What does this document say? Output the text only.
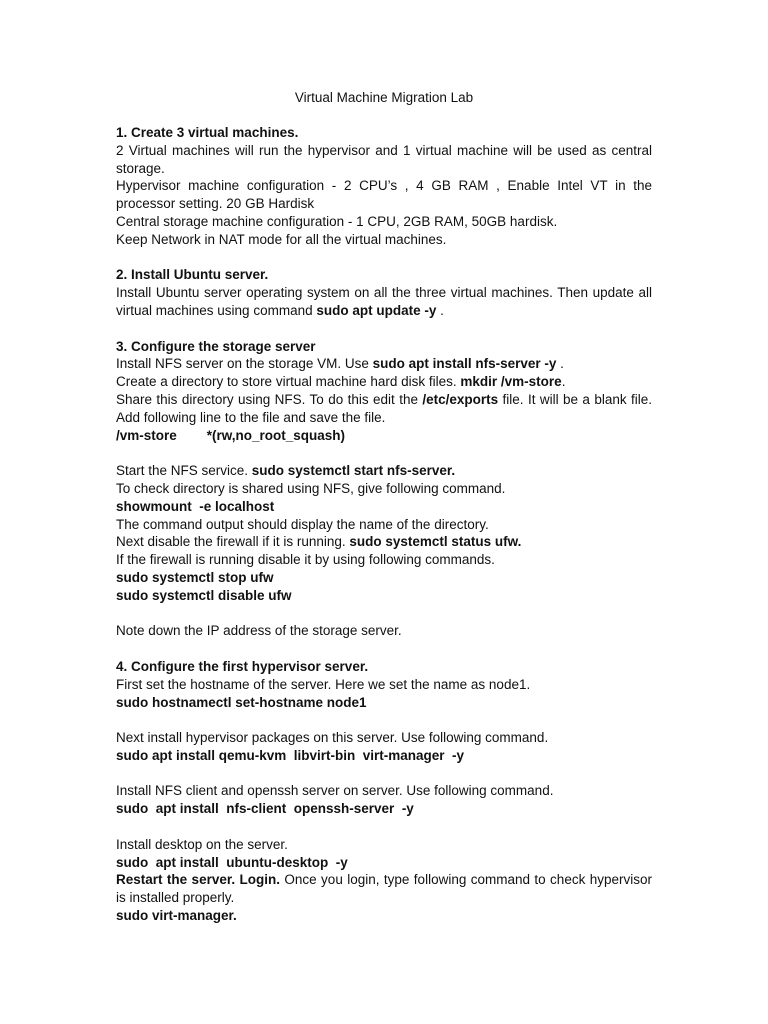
Virtual Machine Migration Lab

1. Create 3 virtual machines.

2 Virtual machines will run the hypervisor and 1 virtual machine will be used as central storage.

Hypervisor machine configuration - 2 CPU’s , 4 GB RAM , Enable Intel VT in the processor setting. 20 GB Hardisk

Central storage machine configuration - 1 CPU, 2GB RAM, 50GB hardisk.

Keep Network in NAT mode for all the virtual machines.

2. Install Ubuntu server.

Install Ubuntu server operating system on all the three virtual machines. Then update all virtual machines using command sudo apt update -y .

3. Configure the storage server

Install NFS server on the storage VM. Use sudo apt install nfs-server -y .

Create a directory to store virtual machine hard disk files. mkdir /vm-store.

Share this directory using NFS. To do this edit the /etc/exports file. It will be a blank file. Add following line to the file and save the file.

/vm-store        *(rw,no_root_squash)

Start the NFS service. sudo systemctl start nfs-server.

To check directory is shared using NFS, give following command.

showmount  -e localhost

The command output should display the name of the directory.

Next disable the firewall if it is running. sudo systemctl status ufw.

If the firewall is running disable it by using following commands.

sudo systemctl stop ufw

sudo systemctl disable ufw

Note down the IP address of the storage server.

4. Configure the first hypervisor server.

First set the hostname of the server. Here we set the name as node1.

sudo hostnamectl set-hostname node1

Next install hypervisor packages on this server. Use following command.

sudo apt install qemu-kvm  libvirt-bin  virt-manager  -y

Install NFS client and openssh server on server. Use following command.

sudo  apt install  nfs-client  openssh-server  -y

Install desktop on the server.

sudo  apt install  ubuntu-desktop  -y

Restart the server. Login. Once you login, type following command to check hypervisor is installed properly.

sudo virt-manager.
